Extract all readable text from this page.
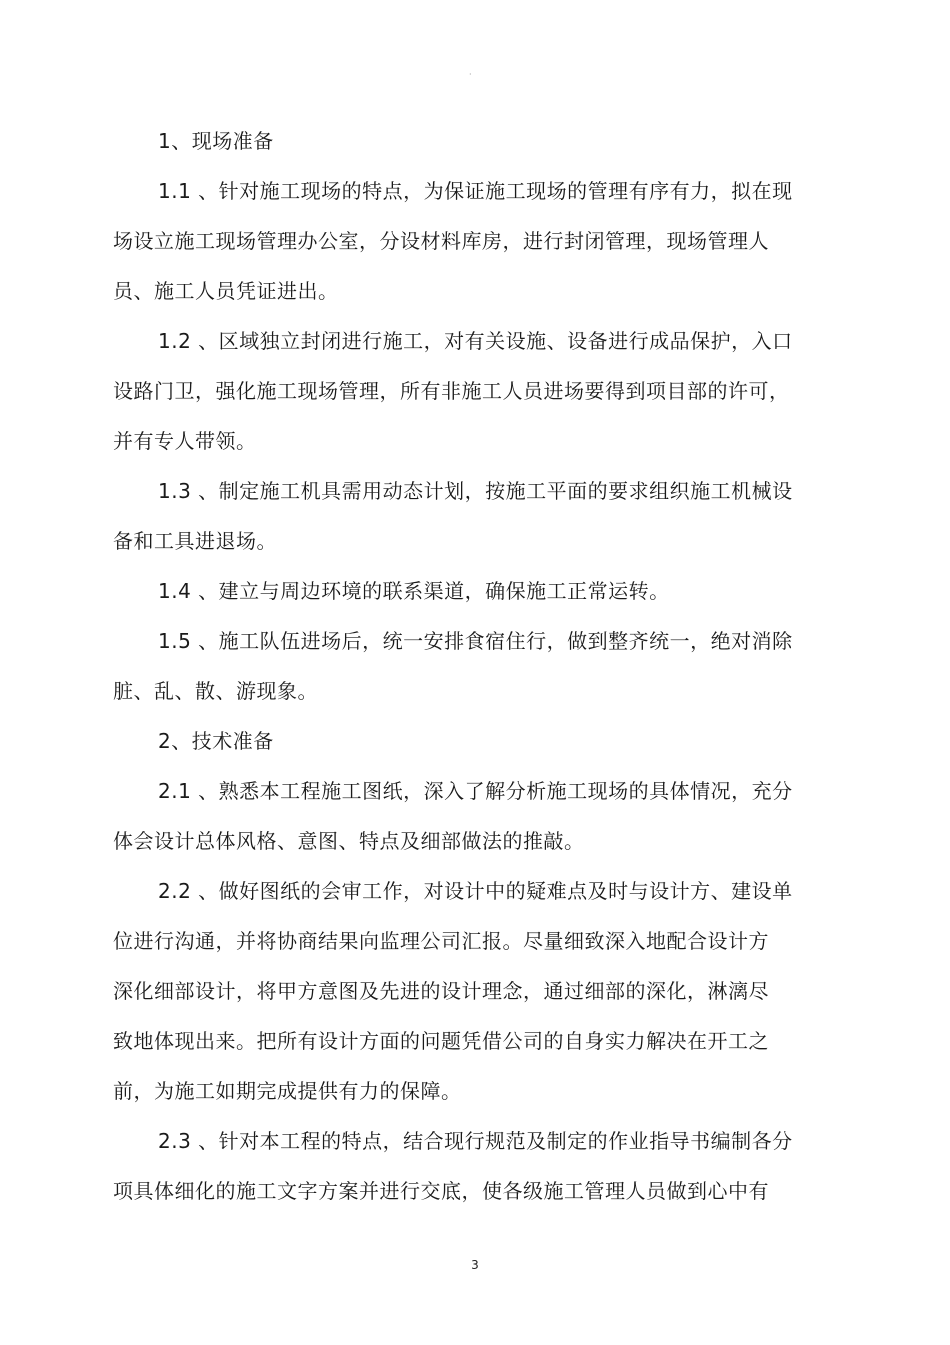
·

1、现场准备

1.1 、针对施工现场的特点，为保证施工现场的管理有序有力，拟在现
场设立施工现场管理办公室，分设材料库房，进行封闭管理，现场管理人
员、施工人员凭证进出。

1.2 、区域独立封闭进行施工，对有关设施、设备进行成品保护，入口
设路门卫，强化施工现场管理，所有非施工人员进场要得到项目部的许可，
并有专人带领。

1.3 、制定施工机具需用动态计划，按施工平面的要求组织施工机械设
备和工具进退场。

1.4 、建立与周边环境的联系渠道，确保施工正常运转。

1.5 、施工队伍进场后，统一安排食宿住行，做到整齐统一，绝对消除
脏、乱、散、游现象。

2、技术准备

2.1 、熟悉本工程施工图纸，深入了解分析施工现场的具体情况，充分
体会设计总体风格、意图、特点及细部做法的推敲。

2.2 、做好图纸的会审工作，对设计中的疑难点及时与设计方、建设单
位进行沟通，并将协商结果向监理公司汇报。尽量细致深入地配合设计方
深化细部设计，将甲方意图及先进的设计理念，通过细部的深化，淋漓尽
致地体现出来。把所有设计方面的问题凭借公司的自身实力解决在开工之
前，为施工如期完成提供有力的保障。

2.3 、针对本工程的特点，结合现行规范及制定的作业指导书编制各分
项具体细化的施工文字方案并进行交底，使各级施工管理人员做到心中有

3
